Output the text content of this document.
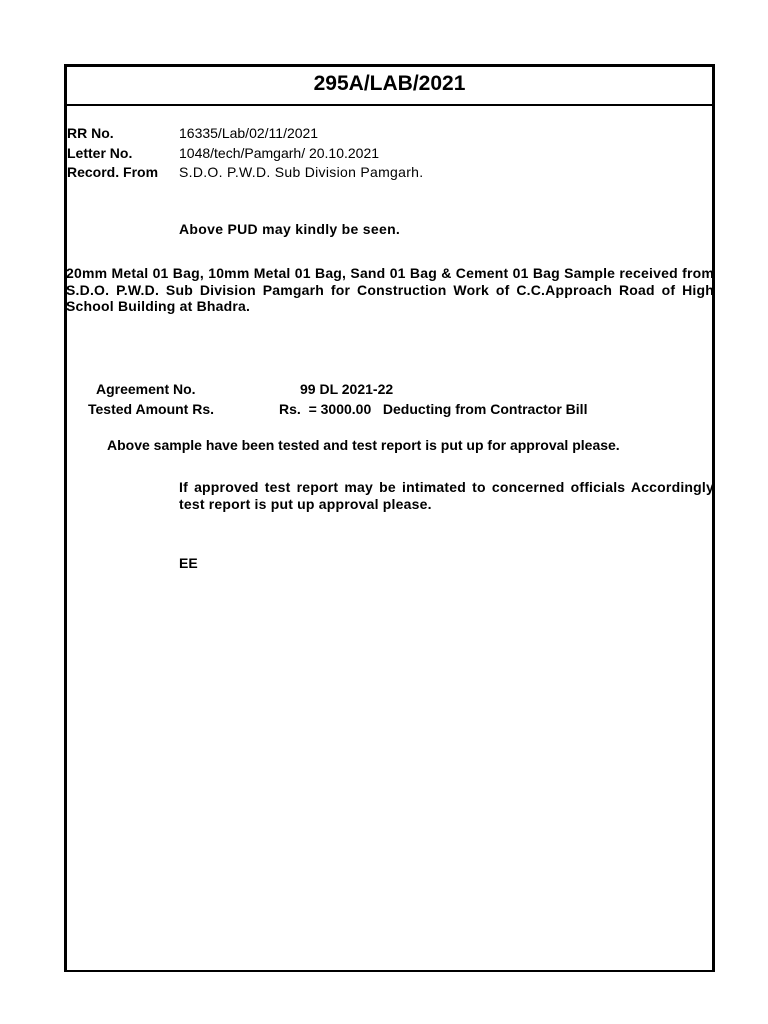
295A/LAB/2021
RR No.	16335/Lab/02/11/2021
Letter No.	1048/tech/Pamgarh/ 20.10.2021
Record. From S.D.O. P.W.D. Sub Division Pamgarh.
Above PUD may kindly be seen.
20mm Metal 01 Bag, 10mm Metal 01 Bag, Sand 01 Bag & Cement 01 Bag Sample received from S.D.O. P.W.D. Sub Division Pamgarh for Construction Work of C.C.Approach Road of High School Building at Bhadra.
Agreement No.	99 DL 2021-22
Tested Amount Rs.	Rs.  = 3000.00   Deducting from Contractor Bill
Above sample have been tested and test report is put up for approval please.
If approved test report may be intimated to concerned officials Accordingly test report is put up approval please.
EE
